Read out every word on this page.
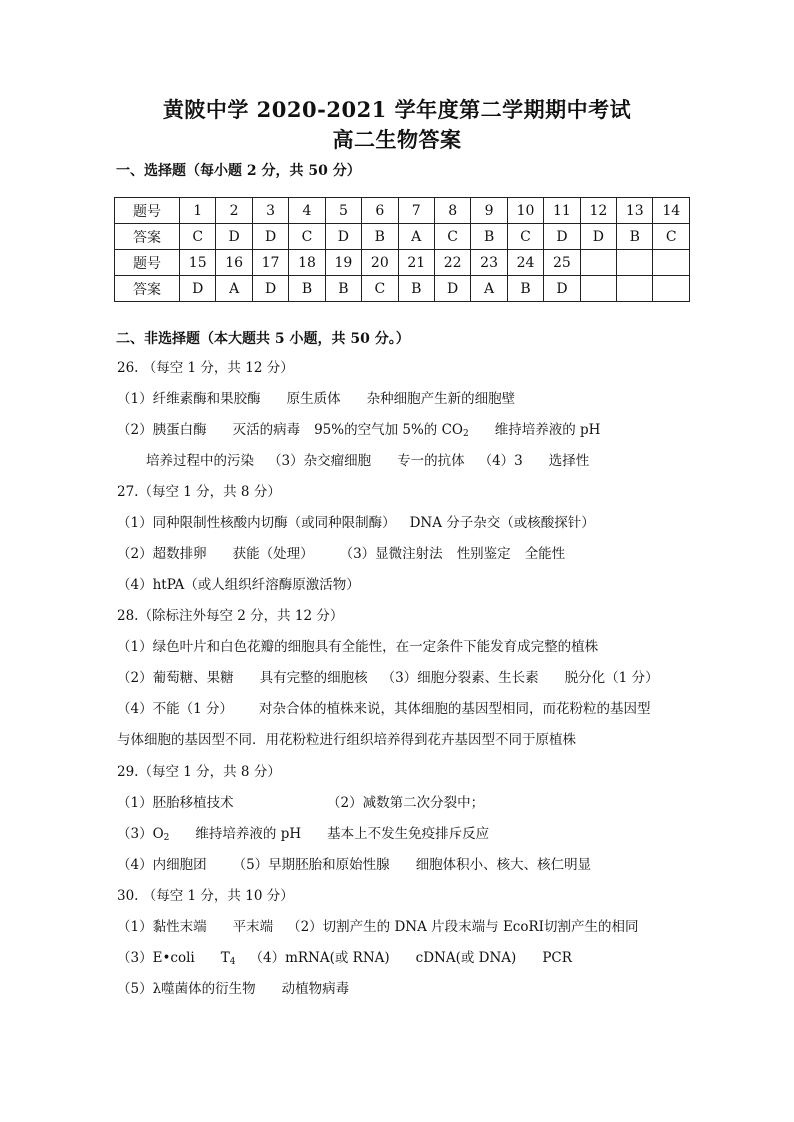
黄陂中学 2020-2021 学年度第二学期期中考试
高二生物答案
一、选择题（每小题 2 分，共 50 分）
题号	1	2	3	4	5	6	7	8	9	10	11	12	13	14
答案	C	D	D	C	D	B	A	C	B	C	D	D	B	C
题号	15	16	17	18	19	20	21	22	23	24	25			
答案	D	A	D	B	B	C	B	D	A	B	D			
二、非选择题（本大题共 5 小题，共 50 分。）
26. （每空 1 分，共 12 分）
（1）纤维素酶和果胶酶 原生质体 杂种细胞产生新的细胞壁
（2）胰蛋白酶 灭活的病毒 95%的空气加 5%的 CO2 维持培养液的 pH
培养过程中的污染 （3）杂交瘤细胞 专一的抗体 （4）3 选择性
27.（每空 1 分，共 8 分）
（1）同种限制性核酸内切酶（或同种限制酶） DNA 分子杂交（或核酸探针）
（2）超数排卵 获能（处理） （3）显微注射法 性别鉴定 全能性
（4）htPA（或人组织纤溶酶原激活物）
28.（除标注外每空 2 分，共 12 分）
（1）绿色叶片和白色花瓣的细胞具有全能性，在一定条件下能发育成完整的植株
（2）葡萄糖、果糖 具有完整的细胞核 （3）细胞分裂素、生长素 脱分化（1 分）
（4）不能（1 分） 对杂合体的植株来说，其体细胞的基因型相同，而花粉粒的基因型
与体细胞的基因型不同．用花粉粒进行组织培养得到花卉基因型不同于原植株
29.（每空 1 分，共 8 分）
（1）胚胎移植技术	（2）减数第二次分裂中；
（3）O2 维持培养液的 pH 基本上不发生免疫排斥反应
（4）内细胞团 （5）早期胚胎和原始性腺 细胞体积小、核大、核仁明显
30. （每空 1 分，共 10 分）
（1）黏性末端 平末端 （2）切割产生的 DNA 片段末端与 EcoRⅠ切割产生的相同
（3）E•coli T4 （4）mRNA(或 RNA) cDNA(或 DNA) PCR
（5）λ噬菌体的衍生物 动植物病毒
